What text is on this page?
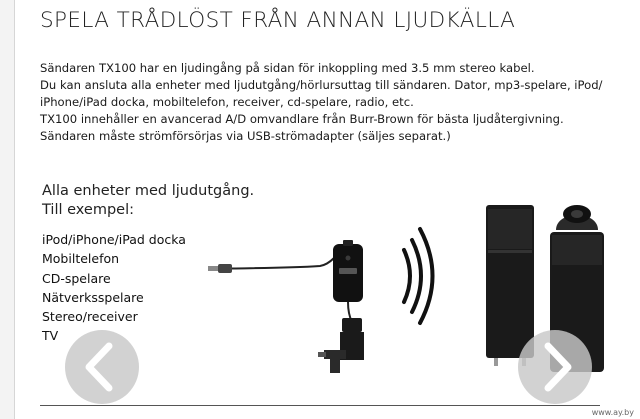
SPELA TRÅDLÖST FRÅN ANNAN LJUDKÄLLA
Sändaren TX100 har en ljudingång på sidan för inkoppling med 3.5 mm stereo kabel.
Du kan ansluta alla enheter med ljudutgång/hörlursuttag till sändaren. Dator, mp3-spelare, iPod/
iPhone/iPad docka, mobiltelefon, receiver, cd-spelare, radio, etc.
TX100 innehåller en avancerad A/D omvandlare från Burr-Brown för bästa ljudåtergivning.
Sändaren måste strömförsörjas via USB-strömadapter (säljes separat.)
Alla enheter med ljudutgång.
Till exempel:
iPod/iPhone/iPad docka
Mobiltelefon
CD-spelare
Nätverksspelare
Stereo/receiver
TV
www.ay.by
